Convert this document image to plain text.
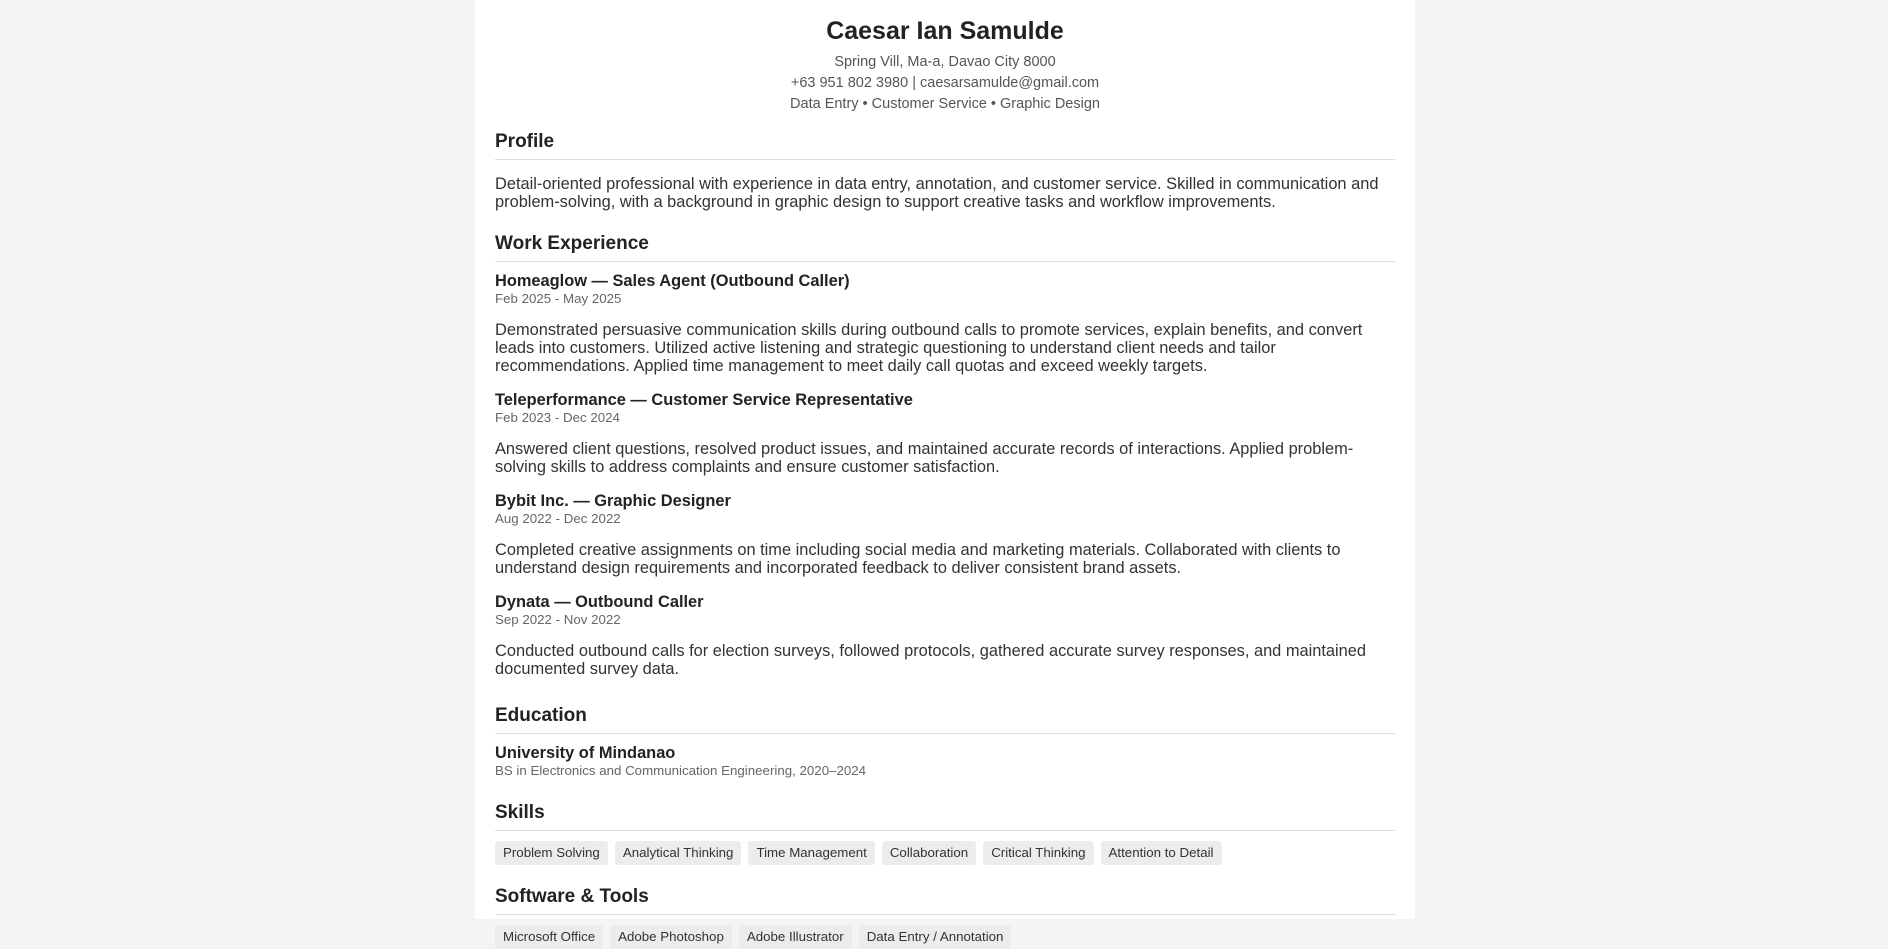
Caesar Ian Samulde
Spring Vill, Ma-a, Davao City 8000
+63 951 802 3980 | caesarsamulde@gmail.com
Data Entry • Customer Service • Graphic Design
Profile

Detail-oriented professional with experience in data entry, annotation, and customer service. Skilled in communication and problem-solving, with a background in graphic design to support creative tasks and workflow improvements.

Work Experience
Homeaglow — Sales Agent (Outbound Caller)
Feb 2025 - May 2025

Demonstrated persuasive communication skills during outbound calls to promote services, explain benefits, and convert leads into customers. Utilized active listening and strategic questioning to understand client needs and tailor recommendations. Applied time management to meet daily call quotas and exceed weekly targets.

Teleperformance — Customer Service Representative
Feb 2023 - Dec 2024

Answered client questions, resolved product issues, and maintained accurate records of interactions. Applied problem-solving skills to address complaints and ensure customer satisfaction.

Bybit Inc. — Graphic Designer
Aug 2022 - Dec 2022

Completed creative assignments on time including social media and marketing materials. Collaborated with clients to understand design requirements and incorporated feedback to deliver consistent brand assets.

Dynata — Outbound Caller
Sep 2022 - Nov 2022

Conducted outbound calls for election surveys, followed protocols, gathered accurate survey responses, and maintained documented survey data.

Education
University of Mindanao
BS in Electronics and Communication Engineering, 2020–2024
Skills
Problem Solving	Analytical Thinking	Time Management	Collaboration	Critical Thinking	Attention to Detail
Software & Tools
Microsoft Office	Adobe Photoshop	Adobe Illustrator	Data Entry / Annotation
